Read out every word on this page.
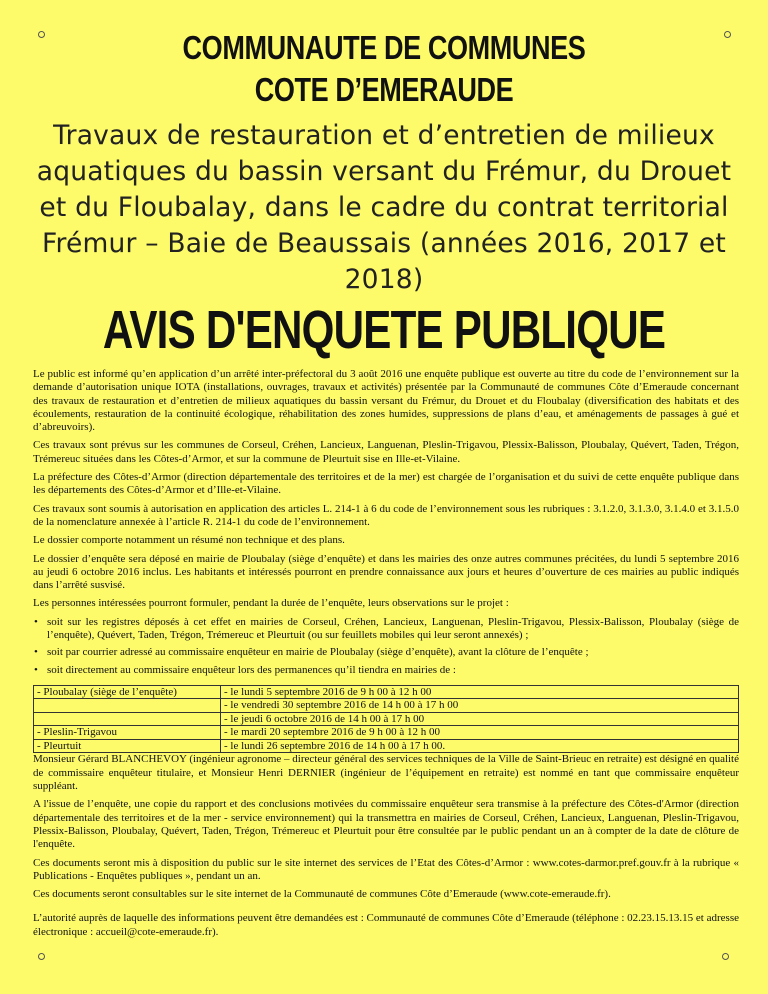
COMMUNAUTE DE COMMUNES
COTE D’EMERAUDE
Travaux de restauration et d’entretien de milieux aquatiques du bassin versant du Frémur, du Drouet et du Floubalay, dans le cadre du contrat territorial Frémur – Baie de Beaussais (années 2016, 2017 et 2018)
AVIS D'ENQUETE PUBLIQUE

Le public est informé qu’en application d’un arrêté inter-préfectoral du 3 août 2016 une enquête publique est ouverte au titre du code de l’environnement sur la demande d’autorisation unique IOTA (installations, ouvrages, travaux et activités) présentée par la Communauté de communes Côte d’Emeraude concernant des travaux de restauration et d’entretien de milieux aquatiques du bassin versant du Frémur, du Drouet et du Floubalay (diversification des habitats et des écoulements, restauration de la continuité écologique, réhabilitation des zones humides, suppressions de plans d’eau, et aménagements de passages à gué et d’abreuvoirs).

Ces travaux sont prévus sur les communes de Corseul, Créhen, Lancieux, Languenan, Pleslin-Trigavou, Plessix-Balisson, Ploubalay, Quévert, Taden, Trégon, Trémereuc situées dans les Côtes-d’Armor, et sur la commune de Pleurtuit sise en Ille-et-Vilaine.

La préfecture des Côtes-d’Armor (direction départementale des territoires et de la mer) est chargée de l’organisation et du suivi de cette enquête publique dans les départements des Côtes-d’Armor et d’Ille-et-Vilaine.

Ces travaux sont soumis à autorisation en application des articles L. 214-1 à 6 du code de l’environnement sous les rubriques : 3.1.2.0, 3.1.3.0, 3.1.4.0 et 3.1.5.0 de la nomenclature annexée à l’article R. 214-1 du code de l’environnement.

Le dossier comporte notamment un résumé non technique et des plans.

Le dossier d’enquête sera déposé en mairie de Ploubalay (siège d’enquête) et dans les mairies des onze autres communes précitées, du lundi 5 septembre 2016 au jeudi 6 octobre 2016 inclus. Les habitants et intéressés pourront en prendre connaissance aux jours et heures d’ouverture de ces mairies au public indiqués dans l’arrêté susvisé.

Les personnes intéressées pourront formuler, pendant la durée de l’enquête, leurs observations sur le projet :

• soit sur les registres déposés à cet effet en mairies de Corseul, Créhen, Lancieux, Languenan, Pleslin-Trigavou, Plessix-Balisson, Ploubalay (siège de l’enquête), Quévert, Taden, Trégon, Trémereuc et Pleurtuit (ou sur feuillets mobiles qui leur seront annexés) ;
• soit par courrier adressé au commissaire enquêteur en mairie de Ploubalay (siège d’enquête), avant la clôture de l’enquête ;
• soit directement au commissaire enquêteur lors des permanences qu’il tiendra en mairies de :
- Ploubalay (siège de l’enquête)	- le lundi 5 septembre 2016 de 9 h 00 à 12 h 00
	- le vendredi 30 septembre 2016 de 14 h 00 à 17 h 00
	- le jeudi 6 octobre 2016 de 14 h 00 à 17 h 00
- Pleslin-Trigavou	- le mardi 20 septembre 2016 de 9 h 00 à 12 h 00
- Pleurtuit	- le lundi 26 septembre 2016 de 14 h 00 à 17 h 00.

Monsieur Gérard BLANCHEVOY (ingénieur agronome – directeur général des services techniques de la Ville de Saint-Brieuc en retraite) est désigné en qualité de commissaire enquêteur titulaire, et Monsieur Henri DERNIER (ingénieur de l’équipement en retraite) est nommé en tant que commissaire enquêteur suppléant.

A l'issue de l’enquête, une copie du rapport et des conclusions motivées du commissaire enquêteur sera transmise à la préfecture des Côtes-d'Armor (direction départementale des territoires et de la mer - service environnement) qui la transmettra en mairies de Corseul, Créhen, Lancieux, Languenan, Pleslin-Trigavou, Plessix-Balisson, Ploubalay, Quévert, Taden, Trégon, Trémereuc et Pleurtuit pour être consultée par le public pendant un an à compter de la date de clôture de l'enquête.

Ces documents seront mis à disposition du public sur le site internet des services de l’Etat des Côtes-d’Armor : www.cotes-darmor.pref.gouv.fr à la rubrique « Publications - Enquêtes publiques », pendant un an.

Ces documents seront consultables sur le site internet de la Communauté de communes Côte d’Emeraude (www.cote-emeraude.fr).

L’autorité auprès de laquelle des informations peuvent être demandées est : Communauté de communes Côte d’Emeraude (téléphone : 02.23.15.13.15 et adresse électronique : accueil@cote-emeraude.fr).
